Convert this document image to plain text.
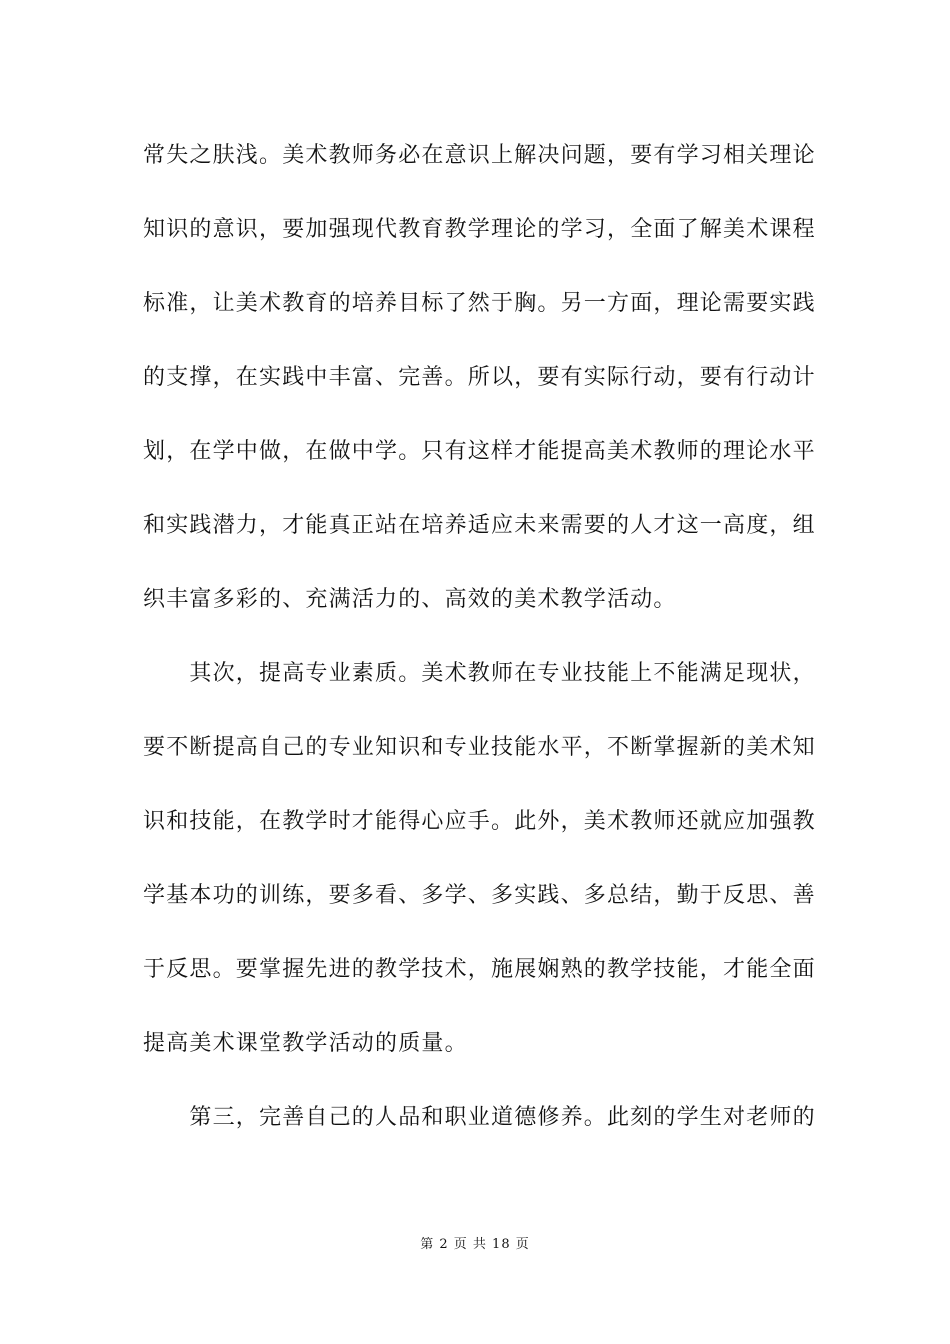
常失之肤浅。美术教师务必在意识上解决问题，要有学习相关理论
知识的意识，要加强现代教育教学理论的学习，全面了解美术课程
标准，让美术教育的培养目标了然于胸。另一方面，理论需要实践
的支撑，在实践中丰富、完善。所以，要有实际行动，要有行动计
划，在学中做，在做中学。只有这样才能提高美术教师的理论水平
和实践潜力，才能真正站在培养适应未来需要的人才这一高度，组
织丰富多彩的、充满活力的、高效的美术教学活动。
　　其次，提高专业素质。美术教师在专业技能上不能满足现状，
要不断提高自己的专业知识和专业技能水平，不断掌握新的美术知
识和技能，在教学时才能得心应手。此外，美术教师还就应加强教
学基本功的训练，要多看、多学、多实践、多总结，勤于反思、善
于反思。要掌握先进的教学技术，施展娴熟的教学技能，才能全面
提高美术课堂教学活动的质量。
　　第三，完善自己的人品和职业道德修养。此刻的学生对老师的
第 2 页 共 18 页
